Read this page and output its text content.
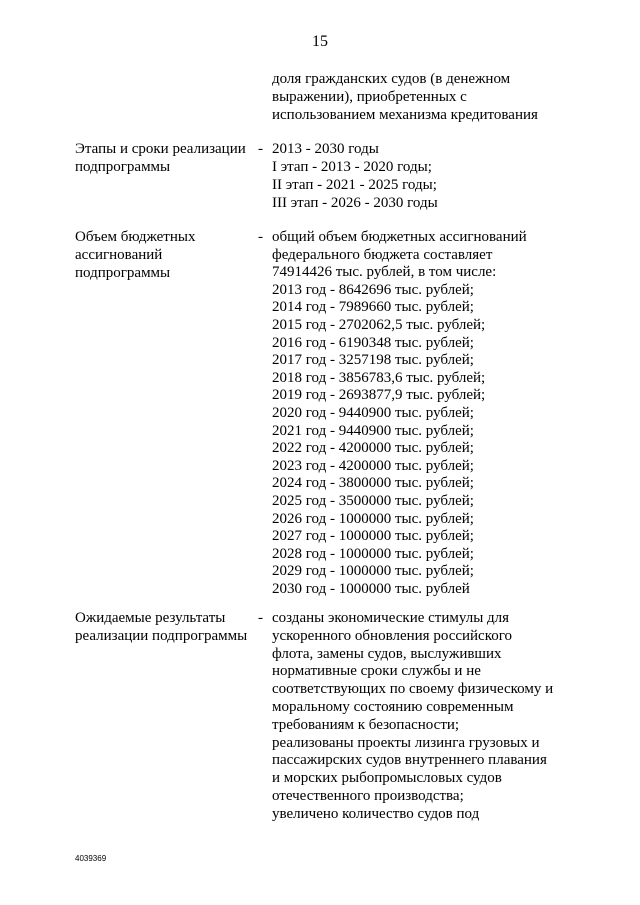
15
доля гражданских судов (в денежном
выражении), приобретенных с
использованием механизма кредитования
Этапы и сроки реализации
подпрограммы
- 2013 - 2030 годы
I этап - 2013 - 2020 годы;
II этап - 2021 - 2025 годы;
III этап - 2026 - 2030 годы
Объем бюджетных
ассигнований
подпрограммы
- общий объем бюджетных ассигнований
федерального бюджета составляет
74914426 тыс. рублей, в том числе:
2013 год - 8642696 тыс. рублей;
2014 год - 7989660 тыс. рублей;
2015 год - 2702062,5 тыс. рублей;
2016 год - 6190348 тыс. рублей;
2017 год - 3257198 тыс. рублей;
2018 год - 3856783,6 тыс. рублей;
2019 год - 2693877,9 тыс. рублей;
2020 год - 9440900 тыс. рублей;
2021 год - 9440900 тыс. рублей;
2022 год - 4200000 тыс. рублей;
2023 год - 4200000 тыс. рублей;
2024 год - 3800000 тыс. рублей;
2025 год - 3500000 тыс. рублей;
2026 год - 1000000 тыс. рублей;
2027 год - 1000000 тыс. рублей;
2028 год - 1000000 тыс. рублей;
2029 год - 1000000 тыс. рублей;
2030 год - 1000000 тыс. рублей
Ожидаемые результаты
реализации подпрограммы
- созданы экономические стимулы для
ускоренного обновления российского
флота, замены судов, выслуживших
нормативные сроки службы и не
соответствующих по своему физическому и
моральному состоянию современным
требованиям к безопасности;
реализованы проекты лизинга грузовых и
пассажирских судов внутреннего плавания
и морских рыбопромысловых судов
отечественного производства;
увеличено количество судов под
4039369
